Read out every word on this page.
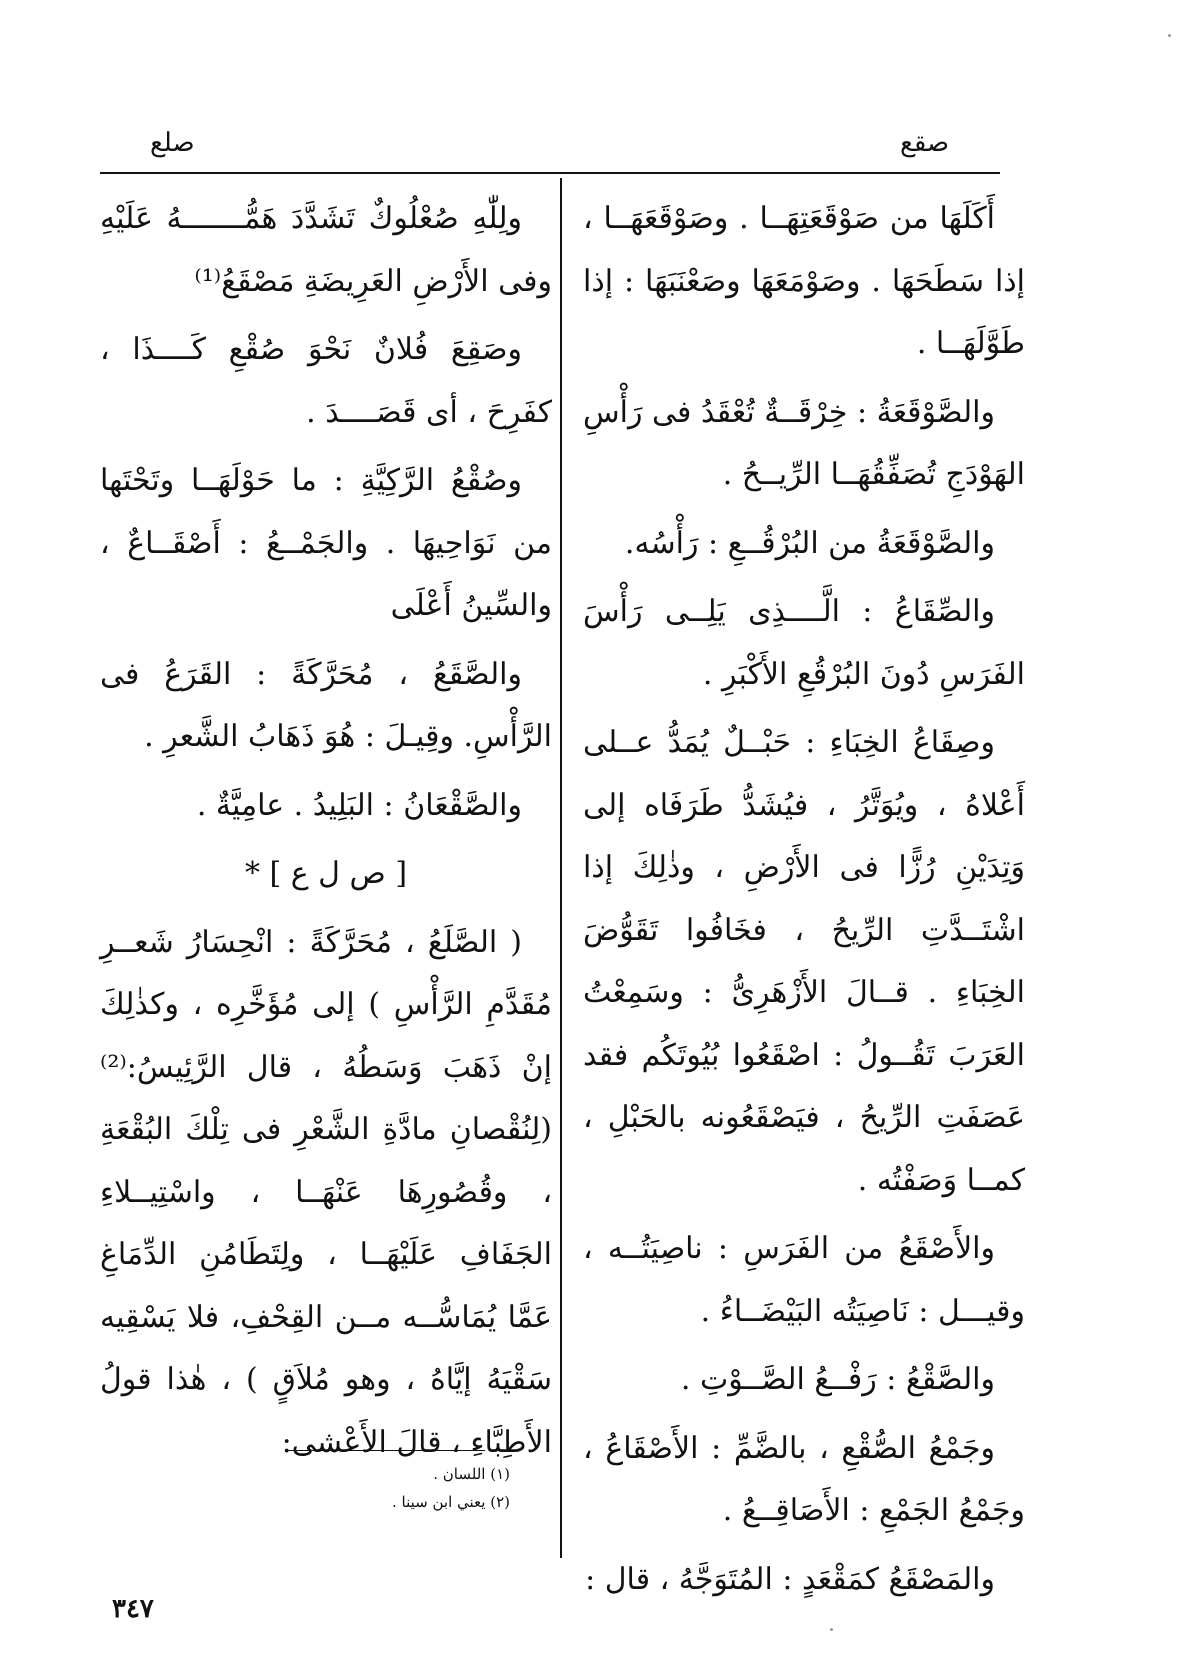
صقع
صلع

أَكَلَهَا من صَوْقَعَتِهَــا . وصَوْقَعَهَــا ، إذا سَطَحَهَا . وصَوْمَعَهَا وصَعْنَبَهَا : إذا طَوَّلَهَــا .

والصَّوْقَعَةُ : خِرْقَــةٌ تُعْقَدُ فى رَأْسِ الهَوْدَجِ تُصَفِّقُهَــا الرِّيــحُ .

والصَّوْقَعَةُ من البُرْقُــعِ : رَأْسُه.

والصِّقَاعُ : الَّــــذِى يَلِــى رَأْسَ الفَرَسِ دُونَ البُرْقُعِ الأَكْبَرِ .

وصِقَاعُ الخِبَاءِ : حَبْــلٌ يُمَدُّ عــلى أَعْلاهُ ، ويُوَتَّرُ ، فيُشَدُّ طَرَفَاه إلى وَتِدَيْنِ رُزًّا فى الأَرْضِ ، وذٰلِكَ إذا اشْتَــدَّتِ الرِّيحُ ، فخَافُوا تَقَوُّضَ الخِبَاءِ . قــالَ الأَزْهَرِىُّ : وسَمِعْتُ العَرَبَ تَقُــولُ : اصْقَعُوا بُيُوتَكُم فقد عَصَفَتِ الرِّيحُ ، فيَصْقَعُونه بالحَبْلِ ، كمــا وَصَفْتُه .

والأَصْقَعُ من الفَرَسِ : ناصِيَتُــه ، وقيـــل : نَاصِيَتُه البَيْضَــاءُ .

والصَّقْعُ : رَفْــعُ الصَّــوْتِ .

وجَمْعُ الصُّقْعِ ، بالضَّمِّ : الأَصْقَاعُ ، وجَمْعُ الجَمْعِ : الأَصَاقِــعُ .

والمَصْقَعُ كمَقْعَدٍ : المُتَوَجَّهُ ، قال :

ولِلّٰهِ صُعْلُوكٌ تَشَدَّدَ هَمُّـــــــهُ عَلَيْهِ وفى الأَرْضِ العَرِيضَةِ مَصْقَعُ⁽¹⁾

وصَقِعَ فُلانٌ نَحْوَ صُقْعِ كَــــذَا ، كفَرِحَ ، أى قَصَــــدَ .

وصُقْعُ الرَّكِيَّةِ : ما حَوْلَهَــا وتَحْتَها من نَوَاحِيهَا . والجَمْــعُ : أَصْقَــاعٌ ، والسِّينُ أَعْلَى

والصَّقَعُ ، مُحَرَّكَةً : القَرَعُ فى الرَّأْسِ. وقِيـلَ : هُوَ ذَهَابُ الشَّعرِ .

والصَّقْعَانُ : البَلِيدُ . عامِيَّةٌ .

[ ص ل ع ] *

( الصَّلَعُ ، مُحَرَّكَةً : انْحِسَارُ شَعــرِ مُقَدَّمِ الرَّأْسِ ) إلى مُؤَخَّرِه ، وكذٰلِكَ إنْ ذَهَبَ وَسَطُهُ ، قال الرَّئِيسُ:⁽²⁾ (لِنُقْصانِ مادَّةِ الشَّعْرِ فى تِلْكَ البُقْعَةِ ، وقُصُورِهَا عَنْهَــا ، واسْتِيــلاءِ الجَفَافِ عَلَيْهَــا ، ولِتَطَامُنِ الدِّمَاغِ عَمَّا يُمَاسُّــه مــن القِحْفِ، فلا يَسْقِيه سَقْيَهُ إيَّاهُ ، وهو مُلاَقٍ ) ، هٰذا قولُ الأَطِبَّاءِ ، قالَ الأَعْشى:

(١) اللسان .
(٢) يعني ابن سينا .
٣٤٧
